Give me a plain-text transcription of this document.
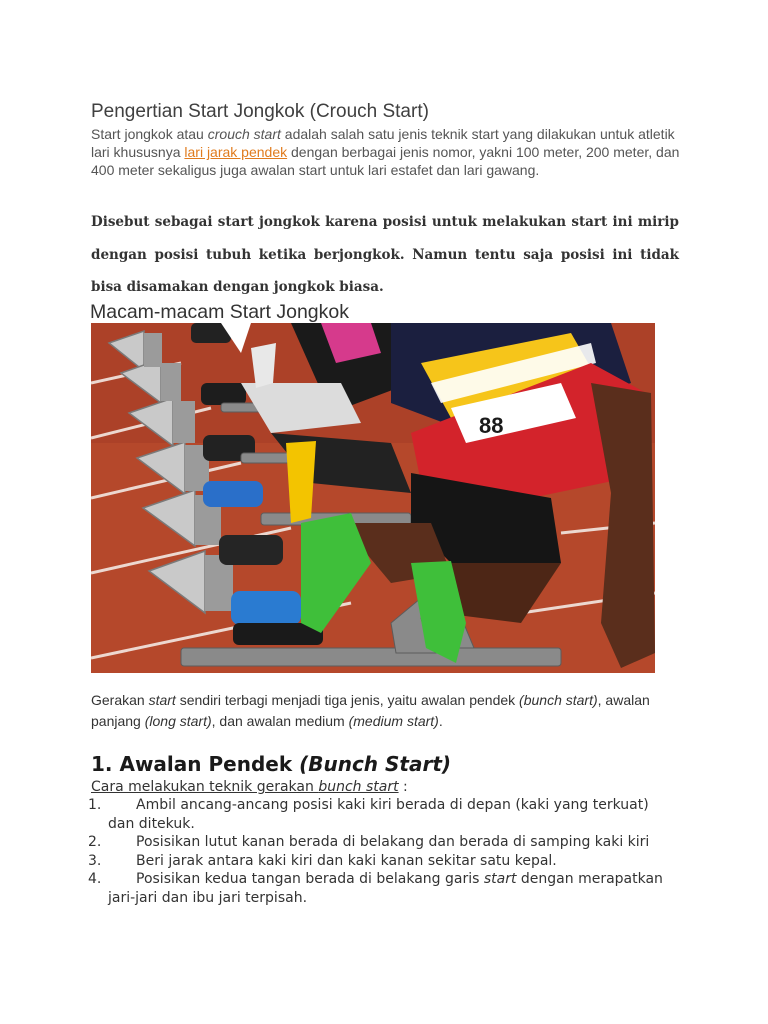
Pengertian Start Jongkok (Crouch Start)

Start jongkok atau crouch start adalah salah satu jenis teknik start yang dilakukan untuk atletik lari khususnya lari jarak pendek dengan berbagai jenis nomor, yakni 100 meter, 200 meter, dan 400 meter sekaligus juga awalan start untuk lari estafet dan lari gawang.

Disebut sebagai start jongkok karena posisi untuk melakukan start ini mirip dengan posisi tubuh ketika berjongkok. Namun tentu saja posisi ini tidak bisa disamakan dengan jongkok biasa.

Macam-macam Start Jongkok
88

Gerakan start sendiri terbagi menjadi tiga jenis, yaitu awalan pendek (bunch start), awalan panjang (long start), dan awalan medium (medium start).

1. Awalan Pendek (Bunch Start)

Cara melakukan teknik gerakan bunch start :

1. Ambil ancang-ancang posisi kaki kiri berada di depan (kaki yang terkuat) dan ditekuk.
2. Posisikan lutut kanan berada di belakang dan berada di samping kaki kiri
3. Beri jarak antara kaki kiri dan kaki kanan sekitar satu kepal.
4. Posisikan kedua tangan berada di belakang garis start dengan merapatkan jari-jari dan ibu jari terpisah.
